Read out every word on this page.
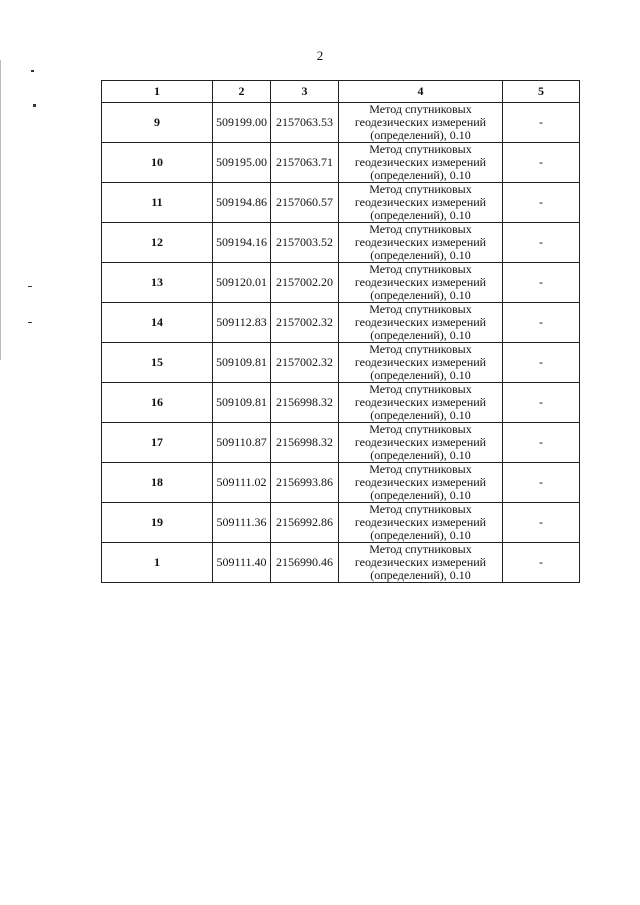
2
1	2	3	4	5
9	509199.00	2157063.53	Метод спутниковых
геодезических измерений
(определений), 0.10	-
10	509195.00	2157063.71	Метод спутниковых
геодезических измерений
(определений), 0.10	-
11	509194.86	2157060.57	Метод спутниковых
геодезических измерений
(определений), 0.10	-
12	509194.16	2157003.52	Метод спутниковых
геодезических измерений
(определений), 0.10	-
13	509120.01	2157002.20	Метод спутниковых
геодезических измерений
(определений), 0.10	-
14	509112.83	2157002.32	Метод спутниковых
геодезических измерений
(определений), 0.10	-
15	509109.81	2157002.32	Метод спутниковых
геодезических измерений
(определений), 0.10	-
16	509109.81	2156998.32	Метод спутниковых
геодезических измерений
(определений), 0.10	-
17	509110.87	2156998.32	Метод спутниковых
геодезических измерений
(определений), 0.10	-
18	509111.02	2156993.86	Метод спутниковых
геодезических измерений
(определений), 0.10	-
19	509111.36	2156992.86	Метод спутниковых
геодезических измерений
(определений), 0.10	-
1	509111.40	2156990.46	Метод спутниковых
геодезических измерений
(определений), 0.10	-
